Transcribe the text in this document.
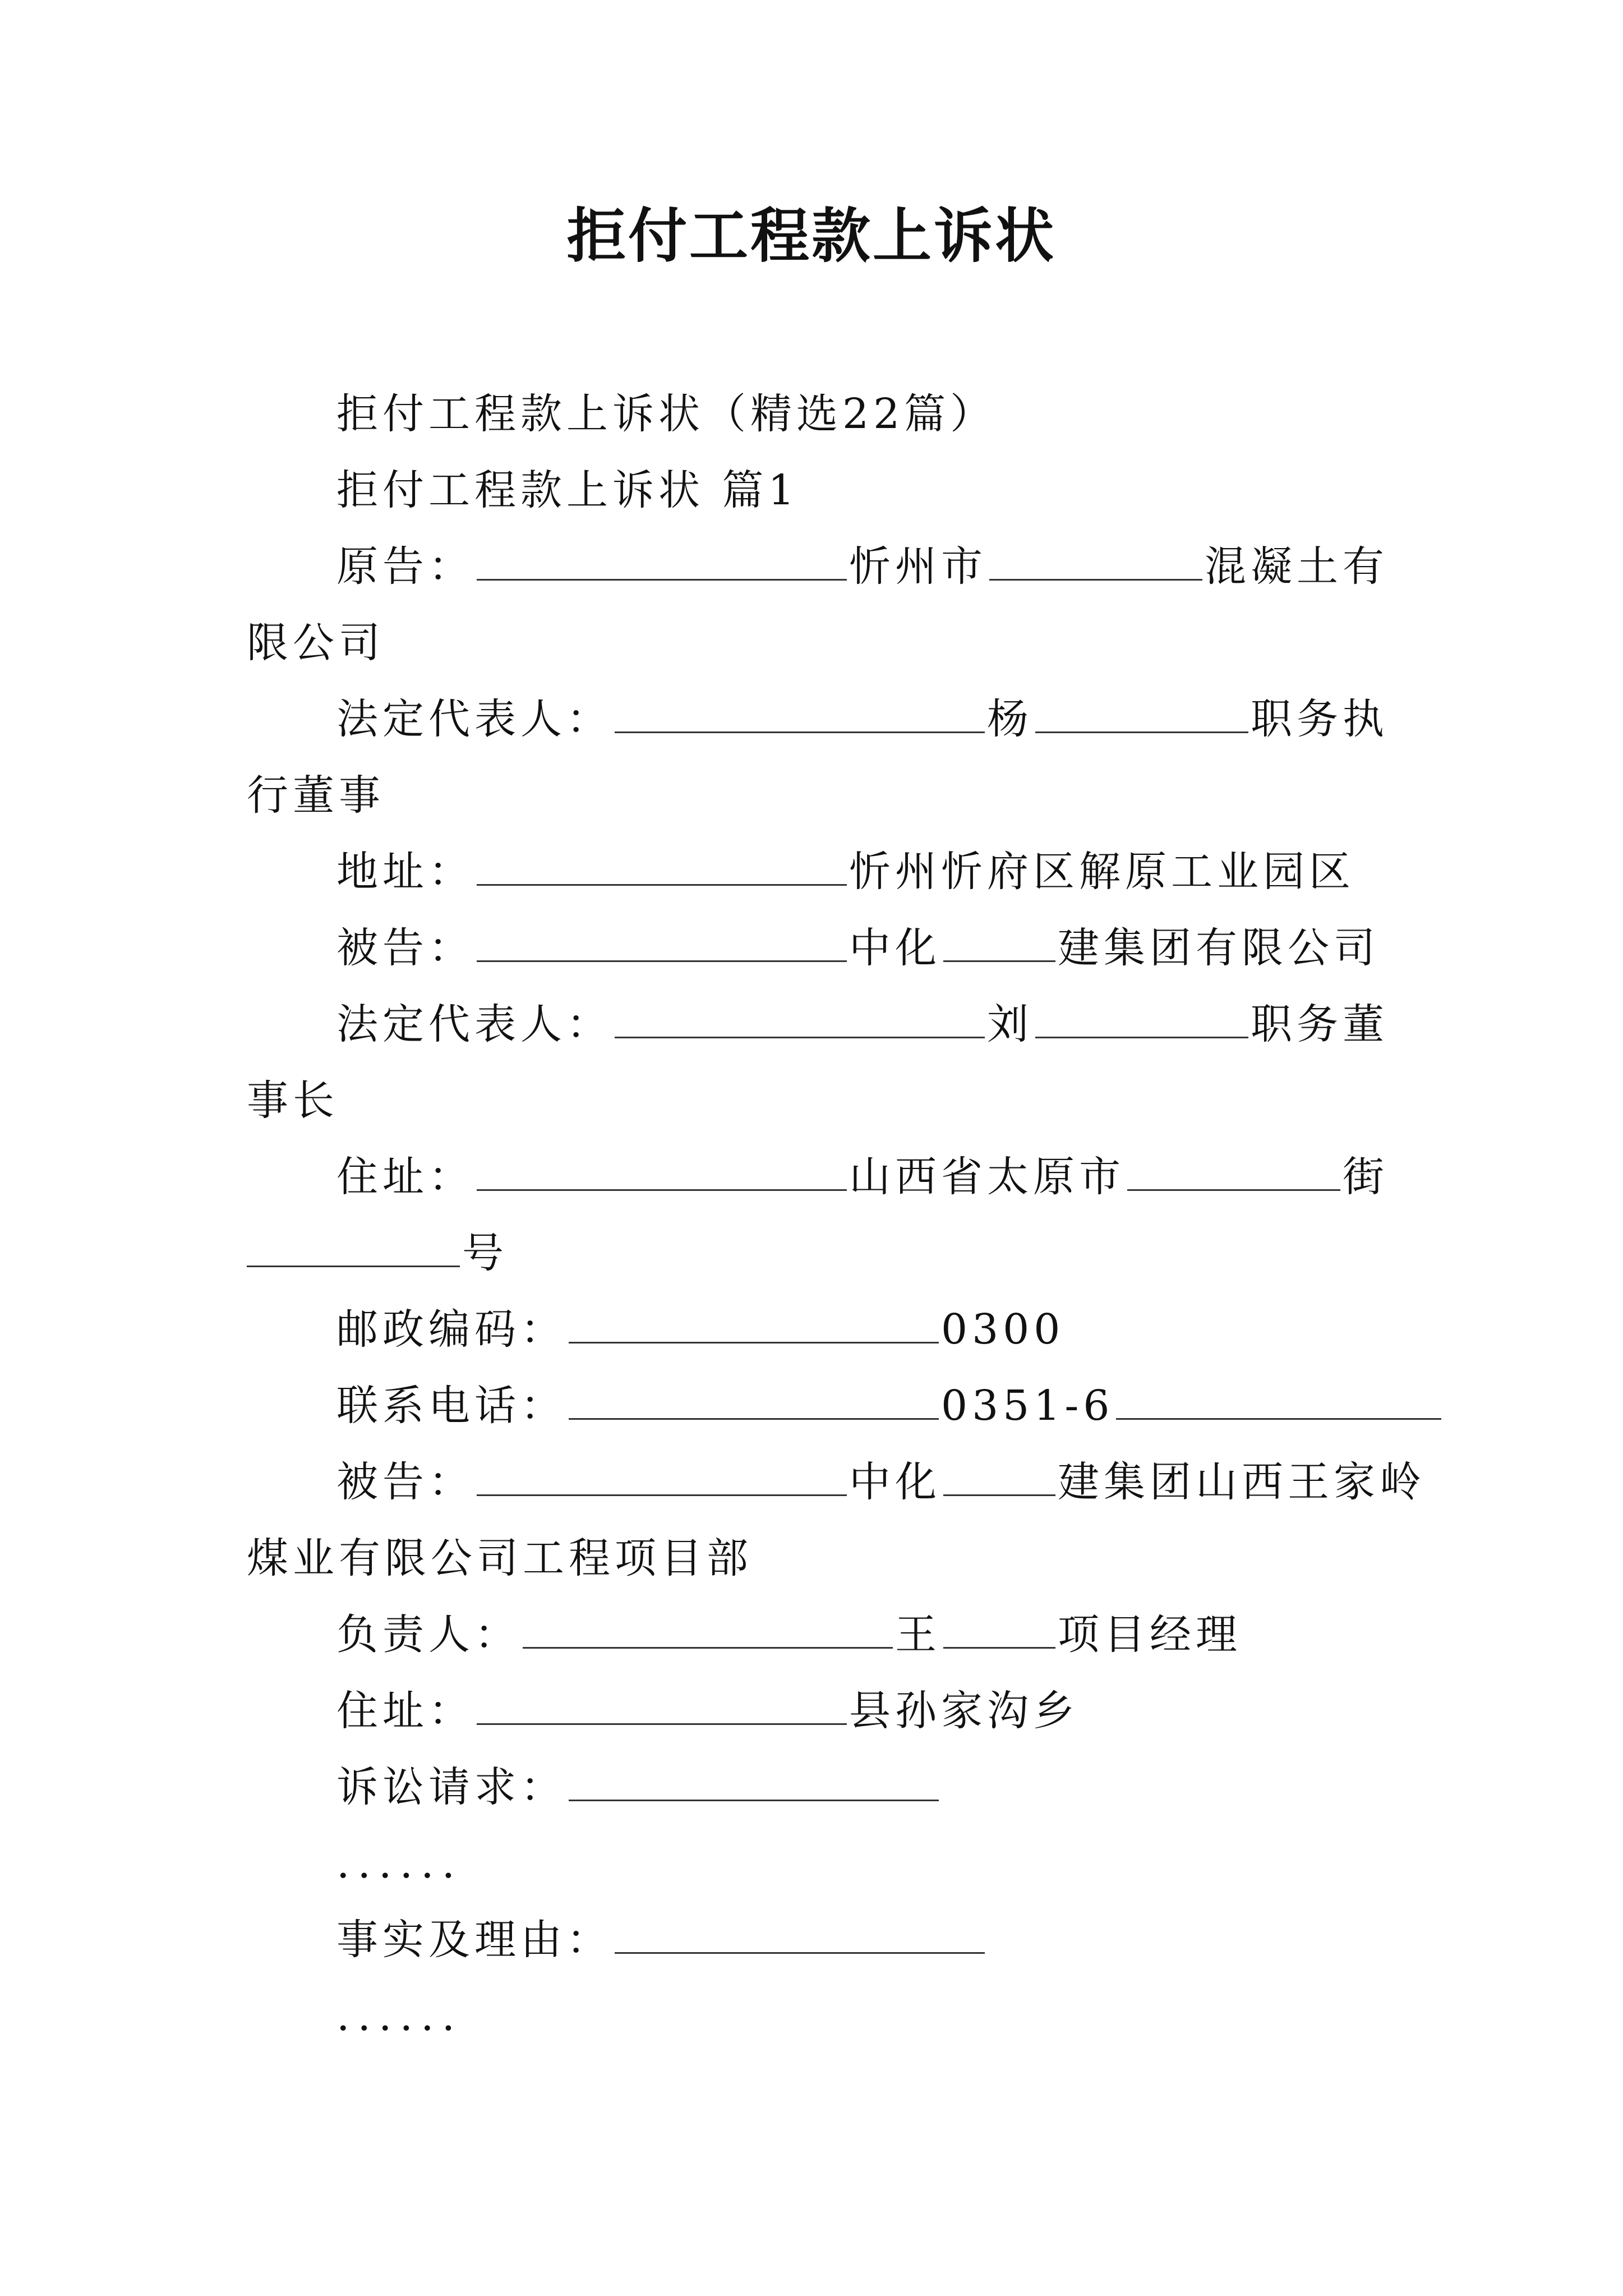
拒付工程款上诉状
拒付工程款上诉状（精选22篇）
拒付工程款上诉状 篇1
原告：	忻州市	混凝土有
限公司
法定代表人：	杨	职务执
行董事
地址：	忻州忻府区解原工业园区
被告：	中化	建集团有限公司
法定代表人：	刘	职务董
事长
住址：	山西省太原市	街
号
邮政编码：	0300
联系电话：	0351-6
被告：	中化	建集团山西王家岭
煤业有限公司工程项目部
负责人：	王	项目经理
住址：	县孙家沟乡
诉讼请求：
......
事实及理由：
......
